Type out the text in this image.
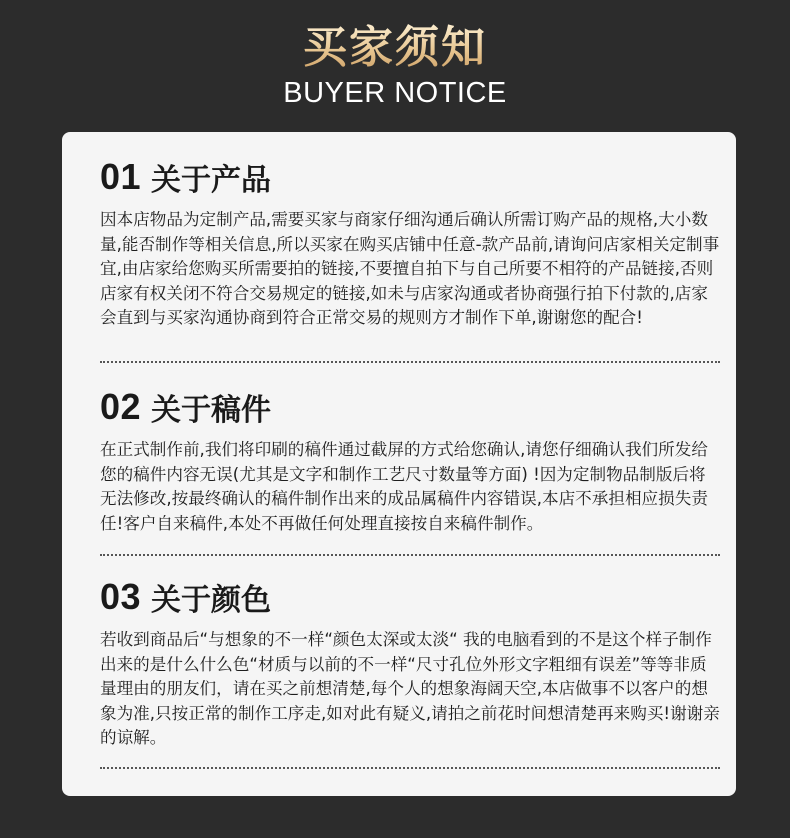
买家须知
BUYER NOTICE
01 关于产品
因本店物品为定制产品,需要买家与商家仔细沟通后确认所需订购产品的规格,大小数量,能否制作等相关信息,所以买家在购买店铺中任意-款产品前,请询问店家相关定制事宜,由店家给您购买所需要拍的链接,不要擅自拍下与自己所要不相符的产品链接,否则店家有权关闭不符合交易规定的链接,如未与店家沟通或者协商强行拍下付款的,店家会直到与买家沟通协商到符合正常交易的规则方才制作下单,谢谢您的配合!
02 关于稿件
在正式制作前,我们将印刷的稿件通过截屏的方式给您确认,请您仔细确认我们所发给您的稿件内容无误(尤其是文字和制作工艺尺寸数量等方面) !因为定制物品制版后将无法修改,按最终确认的稿件制作出来的成品属稿件内容错误,本店不承担相应损失责任!客户自来稿件,本处不再做任何处理直接按自来稿件制作。
03 关于颜色
若收到商品后“与想象的不一样“颜色太深或太淡“ 我的电脑看到的不是这个样子制作出来的是什么什么色“材质与以前的不一样“尺寸孔位外形文字粗细有误差”等等非质量理由的朋友们，请在买之前想清楚,每个人的想象海阔天空,本店做事不以客户的想象为准,只按正常的制作工序走,如对此有疑义,请拍之前花时间想清楚再来购买!谢谢亲的谅解。
